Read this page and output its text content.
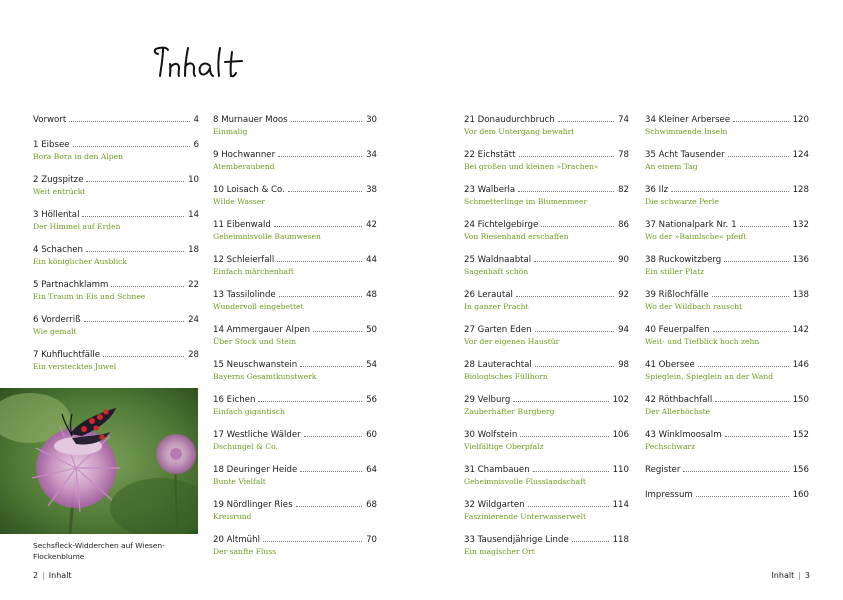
Vorwort	4
1 Eibsee	6
Bora Bora in den Alpen
2 Zugspitze	10
Weit entrückt
3 Höllental	14
Der Himmel auf Erden
4 Schachen	18
Ein königlicher Ausblick
5 Partnachklamm	22
Ein Traum in Eis und Schnee
6 Vorderriß	24
Wie gemalt
7 Kuhfluchtfälle	28
Ein verstecktes Juwel
Sechsfleck-Widderchen auf Wiesen-Flockenblume
2 | Inhalt
8 Murnauer Moos	30
Einmalig
9 Hochwanner	34
Atemberaubend
10 Loisach & Co.	38
Wilde Wasser
11 Eibenwald	42
Geheimnisvolle Baumwesen
12 Schleierfall	44
Einfach märchenhaft
13 Tassilolinde	48
Wundervoll eingebettet
14 Ammergauer Alpen	50
Über Stock und Stein
15 Neuschwanstein	54
Bayerns Gesamtkunstwerk
16 Eichen	56
Einfach gigantisch
17 Westliche Wälder	60
Dschungel & Co.
18 Deuringer Heide	64
Bunte Vielfalt
19 Nördlinger Ries	68
Kreisrund
20 Altmühl	70
Der sanfte Fluss
21 Donaudurchbruch	74
Vor dem Untergang bewahrt
22 Eichstätt	78
Bei großen und kleinen »Drachen«
23 Walberla	82
Schmetterlinge im Blumenmeer
24 Fichtelgebirge	86
Von Riesenhand erschaffen
25 Waldnaabtal	90
Sagenhaft schön
26 Lerautal	92
In ganzer Pracht
27 Garten Eden	94
Vor der eigenen Haustür
28 Lauterachtal	98
Biologisches Füllhorn
29 Velburg	102
Zauberhafter Burgberg
30 Wolfstein	106
Vielfältige Oberpfalz
31 Chambauen	110
Geheimnisvolle Flusslandschaft
32 Wildgarten	114
Faszinierende Unterwasserwelt
33 Tausendjährige Linde	118
Ein magischer Ort
34 Kleiner Arbersee	120
Schwimmende Inseln
35 Acht Tausender	124
An einem Tag
36 Ilz	128
Die schwarze Perle
37 Nationalpark Nr. 1	132
Wo der »Baimlsche« pfeift
38 Ruckowitzberg	136
Ein stiller Platz
39 Rißlochfälle	138
Wo der Wildbach rauscht
40 Feuerpalfen	142
Weit- und Tiefblick hoch zehn
41 Obersee	146
Spieglein, Spieglein an der Wand
42 Röthbachfall	150
Der Allerhöchste
43 Winklmoosalm	152
Pechschwarz
Register	156
Impressum	160
Inhalt | 3
